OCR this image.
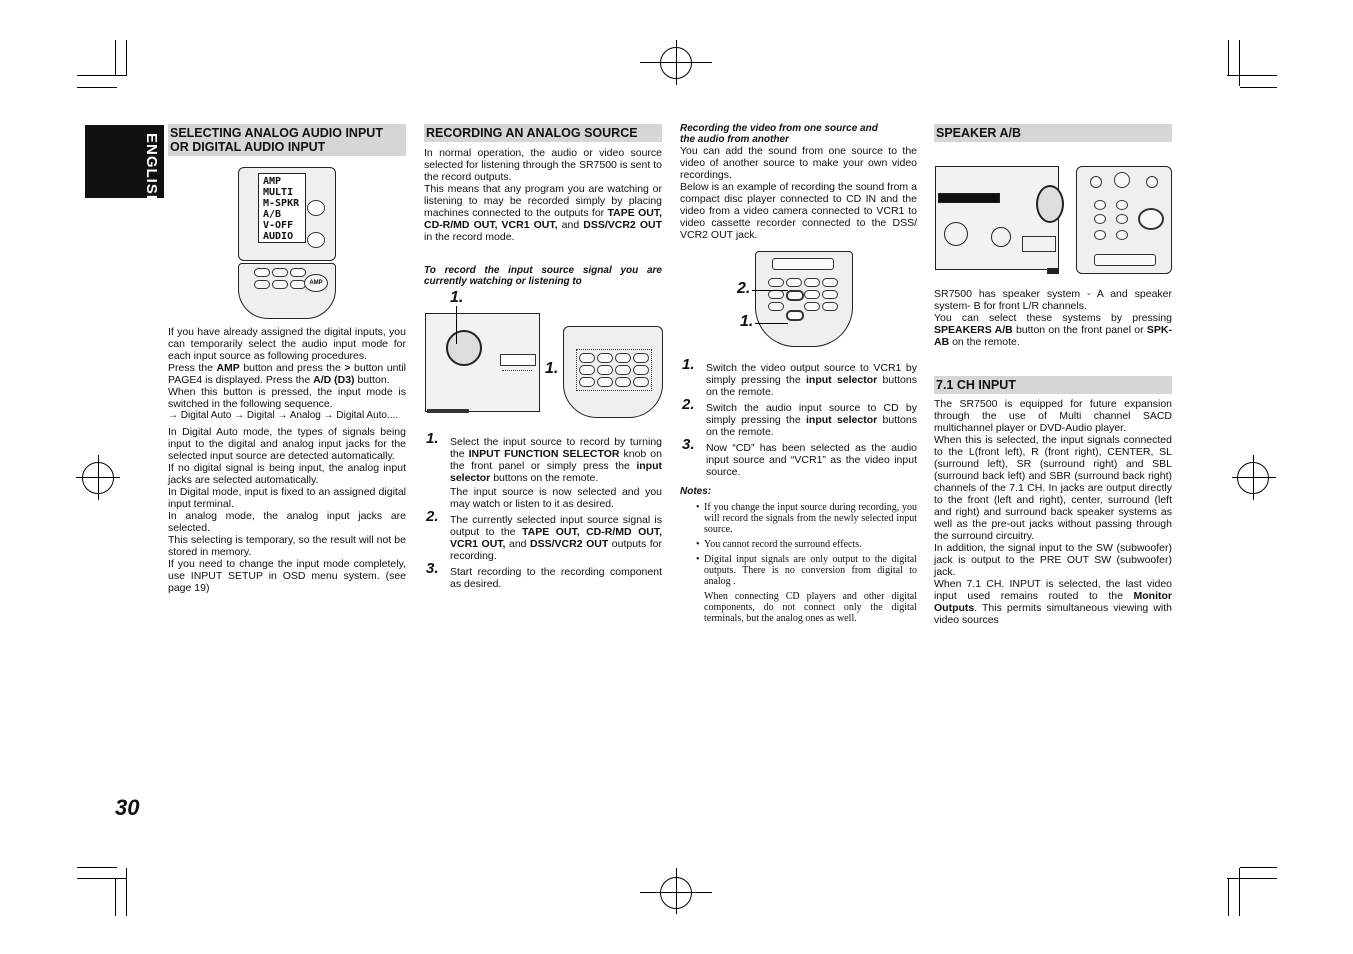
ENGLISH
30
SELECTING ANALOG AUDIO INPUT
OR DIGITAL AUDIO INPUT
AMP
MULTI
M-SPKR
A/B
V-OFF
AUDIO
AMP

If you have already assigned the digital inputs, you can temporarily select the audio input mode for each input source as following procedures.

Press the AMP button and press the > button until PAGE4 is displayed. Press the A/D (D3) button.

When this button is pressed, the input mode is switched in the following sequence.

→ Digital Auto → Digital → Analog → Digital Auto....

In Digital Auto mode, the types of signals being input to the digital and analog input jacks for the selected input source are detected automatically.

If no digital signal is being input, the analog input jacks are selected automatically.

In Digital mode, input is fixed to an assigned digital input terminal.

In analog mode, the analog input jacks are selected.

This selecting is temporary, so the result will not be stored in memory.

If you need to change the input mode completely, use INPUT SETUP in OSD menu system. (see page 19)

RECORDING AN ANALOG SOURCE

In normal operation, the audio or video source selected for listening through the SR7500 is sent to the record outputs.

This means that any program you are watching or listening to may be recorded simply by placing machines connected to the outputs for TAPE OUT, CD-R/MD OUT, VCR1 OUT, and DSS/VCR2 OUT in the record mode.

To record the input source signal you are currently watching or listening to

1.
1.
1. Select the input source to record by turning the INPUT FUNCTION SELECTOR knob on the front panel or simply press the input selector buttons on the remote.

The input source is now selected and you may watch or listen to it as desired.

2. The currently selected input source signal is output to the TAPE OUT, CD-R/MD OUT, VCR1 OUT, and DSS/VCR2 OUT outputs for recording.

3. Start recording to the recording component as desired.

Recording the video from one source and
the audio from another

You can add the sound from one source to the video of another source to make your own video recordings.

Below is an example of recording the sound from a compact disc player connected to CD IN and the video from a video camera connected to VCR1 to video cassette recorder connected to the DSS/ VCR2 OUT jack.

2.
1.
1. Switch the video output source to VCR1 by simply pressing the input selector buttons on the remote.

2. Switch the audio input source to CD by simply pressing the input selector buttons on the remote.

3. Now “CD” has been selected as the audio input source and “VCR1” as the video input source.

Notes:
• If you change the input source during recording, you will record the signals from the newly selected input source.
• You cannot record the surround effects.
• Digital input signals are only output to the digital outputs. There is no conversion from digital to analog .
When connecting CD players and other digital components, do not connect only the digital terminals, but the analog ones as well.
SPEAKER A/B

SR7500 has speaker system - A and speaker system- B for front L/R channels.

You can select these systems by pressing SPEAKERS A/B button on the front panel or SPK-AB on the remote.

7.1 CH INPUT

The SR7500 is equipped for future expansion through the use of Multi channel SACD multichannel player or DVD-Audio player.

When this is selected, the input signals connected to the L(front left), R (front right), CENTER, SL (surround left), SR (surround right) and SBL (surround back left) and SBR (surround back right) channels of the 7.1 CH. In jacks are output directly to the front (left and right), center, surround (left and right) and surround back speaker systems as well as the pre-out jacks without passing through the surround circuitry.

In addition, the signal input to the SW (subwoofer) jack is output to the PRE OUT SW (subwoofer) jack.

When 7.1 CH. INPUT is selected, the last video input used remains routed to the Monitor Outputs. This permits simultaneous viewing with video sources
